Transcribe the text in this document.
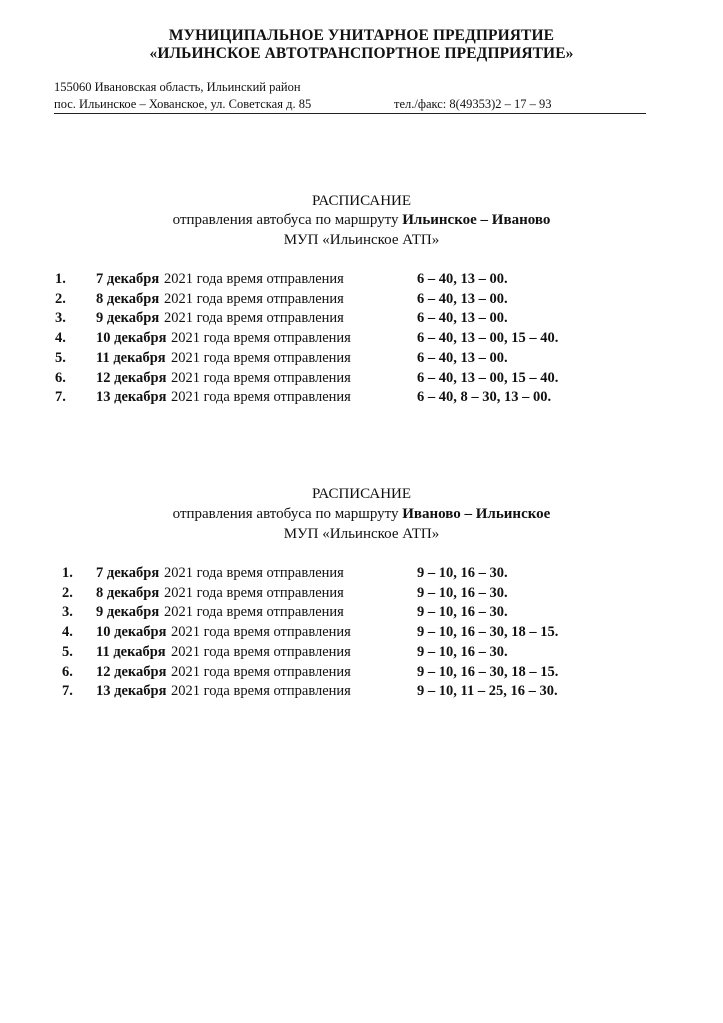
МУНИЦИПАЛЬНОЕ УНИТАРНОЕ ПРЕДПРИЯТИЕ
«ИЛЬИНСКОЕ АВТОТРАНСПОРТНОЕ ПРЕДПРИЯТИЕ»
155060 Ивановская область, Ильинский район
пос. Ильинское – Хованское, ул. Советская д. 85	тел./факс: 8(49353)2 – 17 – 93
РАСПИСАНИЕ
отправления автобуса по маршруту Ильинское – Иваново
МУП «Ильинское АТП»
1. 7 декабря 2021 года время отправления	6 – 40, 13 – 00.
2. 8 декабря 2021 года время отправления	6 – 40, 13 – 00.
3. 9 декабря 2021 года время отправления	6 – 40, 13 – 00.
4. 10 декабря 2021 года время отправления	6 – 40, 13 – 00, 15 – 40.
5. 11 декабря 2021 года время отправления	6 – 40, 13 – 00.
6. 12 декабря 2021 года время отправления	6 – 40, 13 – 00, 15 – 40.
7. 13 декабря 2021 года время отправления	6 – 40, 8 – 30, 13 – 00.
РАСПИСАНИЕ
отправления автобуса по маршруту Иваново – Ильинское
МУП «Ильинское АТП»
1. 7 декабря 2021 года время отправления	9 – 10, 16 – 30.
2. 8 декабря 2021 года время отправления	9 – 10, 16 – 30.
3. 9 декабря 2021 года время отправления	9 – 10, 16 – 30.
4. 10 декабря 2021 года время отправления	9 – 10, 16 – 30, 18 – 15.
5. 11 декабря 2021 года время отправления	9 – 10, 16 – 30.
6. 12 декабря 2021 года время отправления	9 – 10, 16 – 30, 18 – 15.
7. 13 декабря 2021 года время отправления	9 – 10, 11 – 25, 16 – 30.
